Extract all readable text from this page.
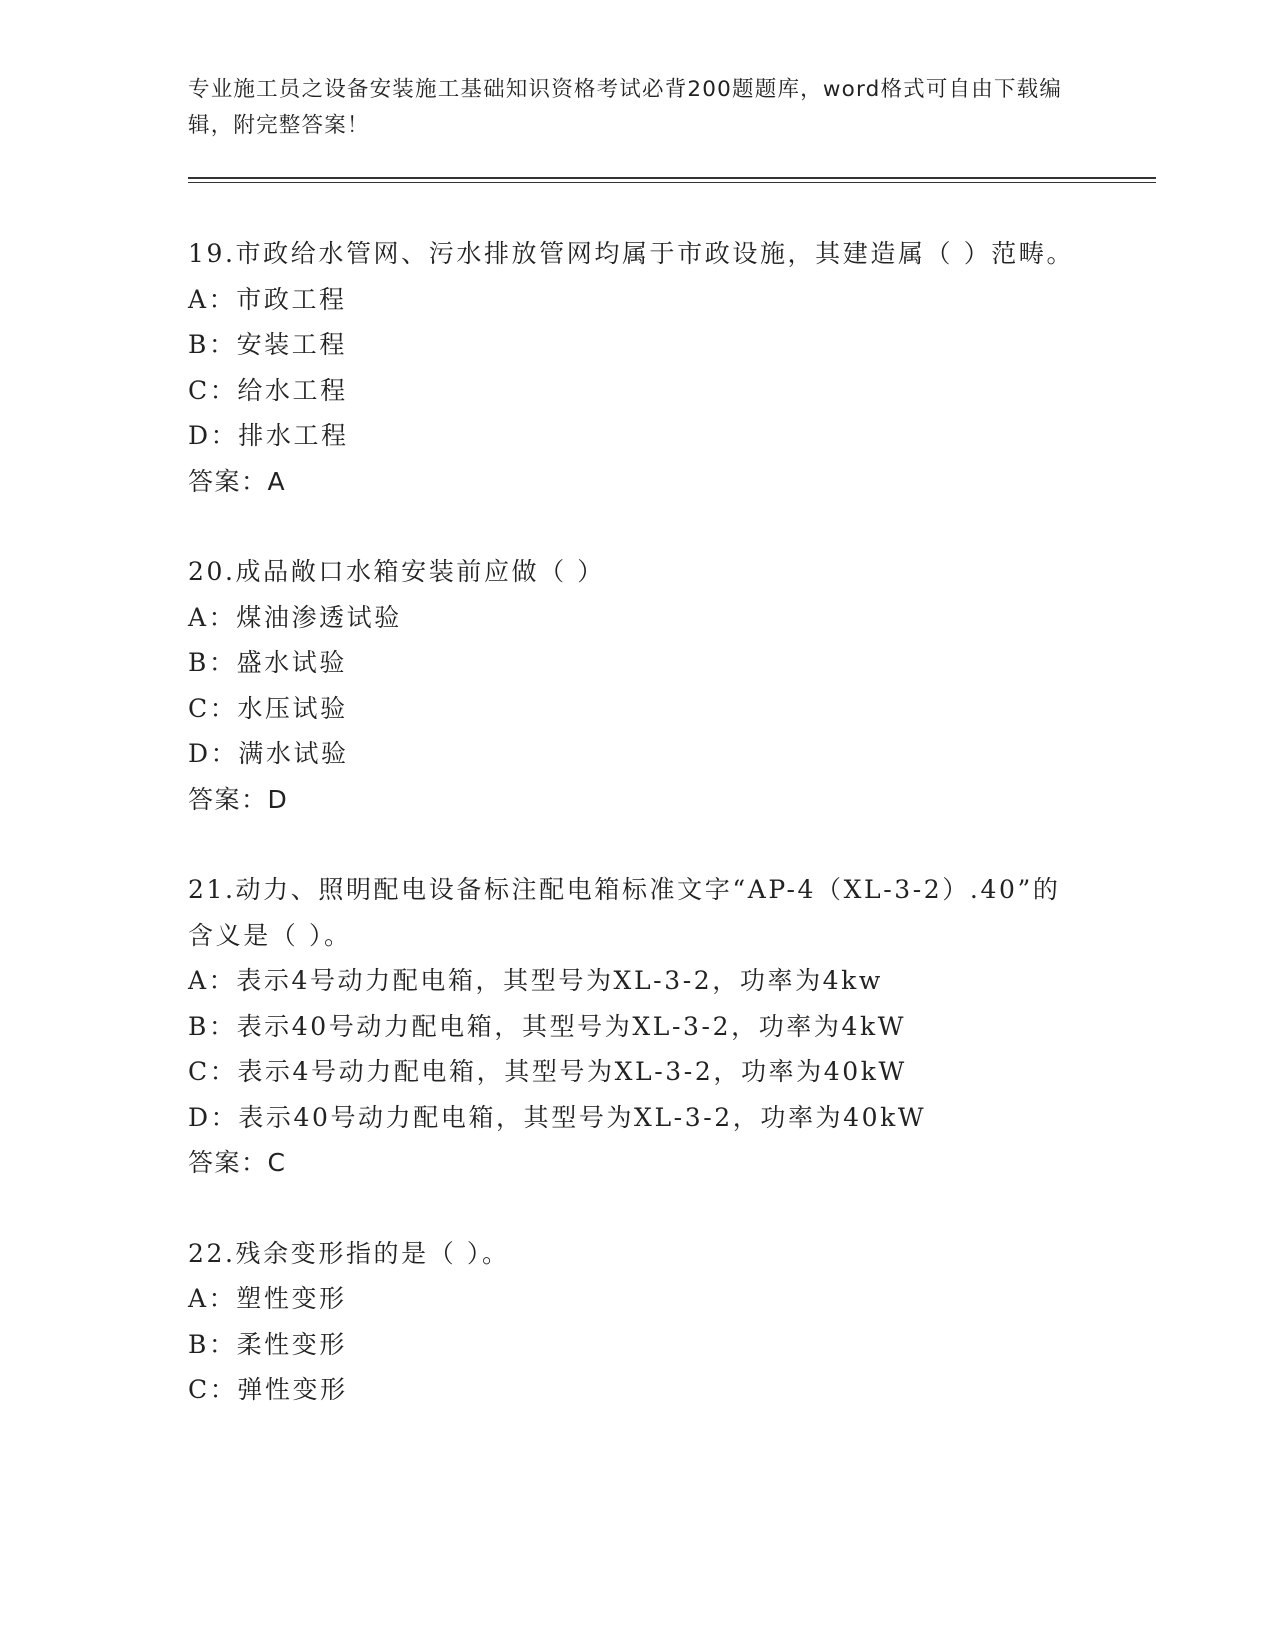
专业施工员之设备安装施工基础知识资格考试必背200题题库，word格式可自由下载编辑，附完整答案！
19.市政给水管网、污水排放管网均属于市政设施，其建造属（ ）范畴。
A：市政工程
B：安装工程
C：给水工程
D：排水工程
答案：A
20.成品敞口水箱安装前应做（ ）
A：煤油渗透试验
B：盛水试验
C：水压试验
D：满水试验
答案：D
21.动力、照明配电设备标注配电箱标准文字“AP-4（XL-3-2）.40”的含义是（ ）。
A：表示4号动力配电箱，其型号为XL-3-2，功率为4kw
B：表示40号动力配电箱，其型号为XL-3-2，功率为4kW
C：表示4号动力配电箱，其型号为XL-3-2，功率为40kW
D：表示40号动力配电箱，其型号为XL-3-2，功率为40kW
答案：C
22.残余变形指的是（ ）。
A：塑性变形
B：柔性变形
C：弹性变形
